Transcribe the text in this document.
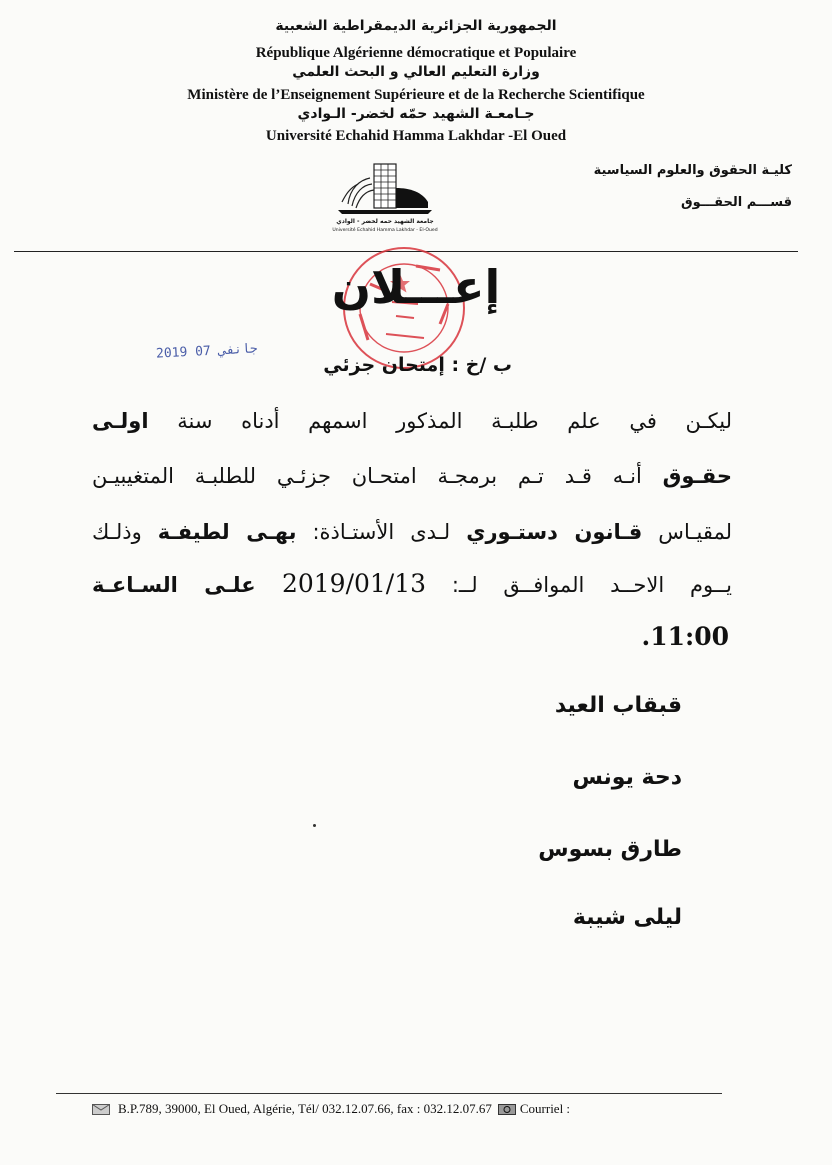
الجمهورية الجزائرية الديمقراطية الشعبية
République Algérienne démocratique et Populaire
وزارة التعليم العالي و البحث العلمي
Ministère de l’Enseignement Supérieure et de la Recherche Scientifique
جـامعـة الشهيد حمّه لخضر- الـوادي
Université Echahid Hamma Lakhdar -El Oued
كليـة الحقوق والعلوم السياسية
قســـم الحقـــوق
جامعة الشهيد حمه لخضر - الوادي
Université Echahid Hamma Lakhdar - El-Oued
إعـــلان
2019 جانفي 07
ب /خ : إمتحان جزئي
ليكـن في علم طلبـة المذكور اسمهم أدناه سنة اولـى
حقـوق أنـه قـد تـم برمجـة امتحـان جزئـي للطلبـة المتغيبيـن
لمقيـاس قـانون دستـوري لـدى الأستـاذة: بهـى لطيفـة وذلـك
يــوم الاحــد الموافــق لــ: 2019/01/13 علـى السـاعـة
.11:00
قبقاب العيد
دحة يونس
طارق بسوس
ليلى شيبة
B.P.789, 39000, El Oued, Algérie, Tél/ 032.12.07.66, fax : 032.12.07.67 Courriel :
